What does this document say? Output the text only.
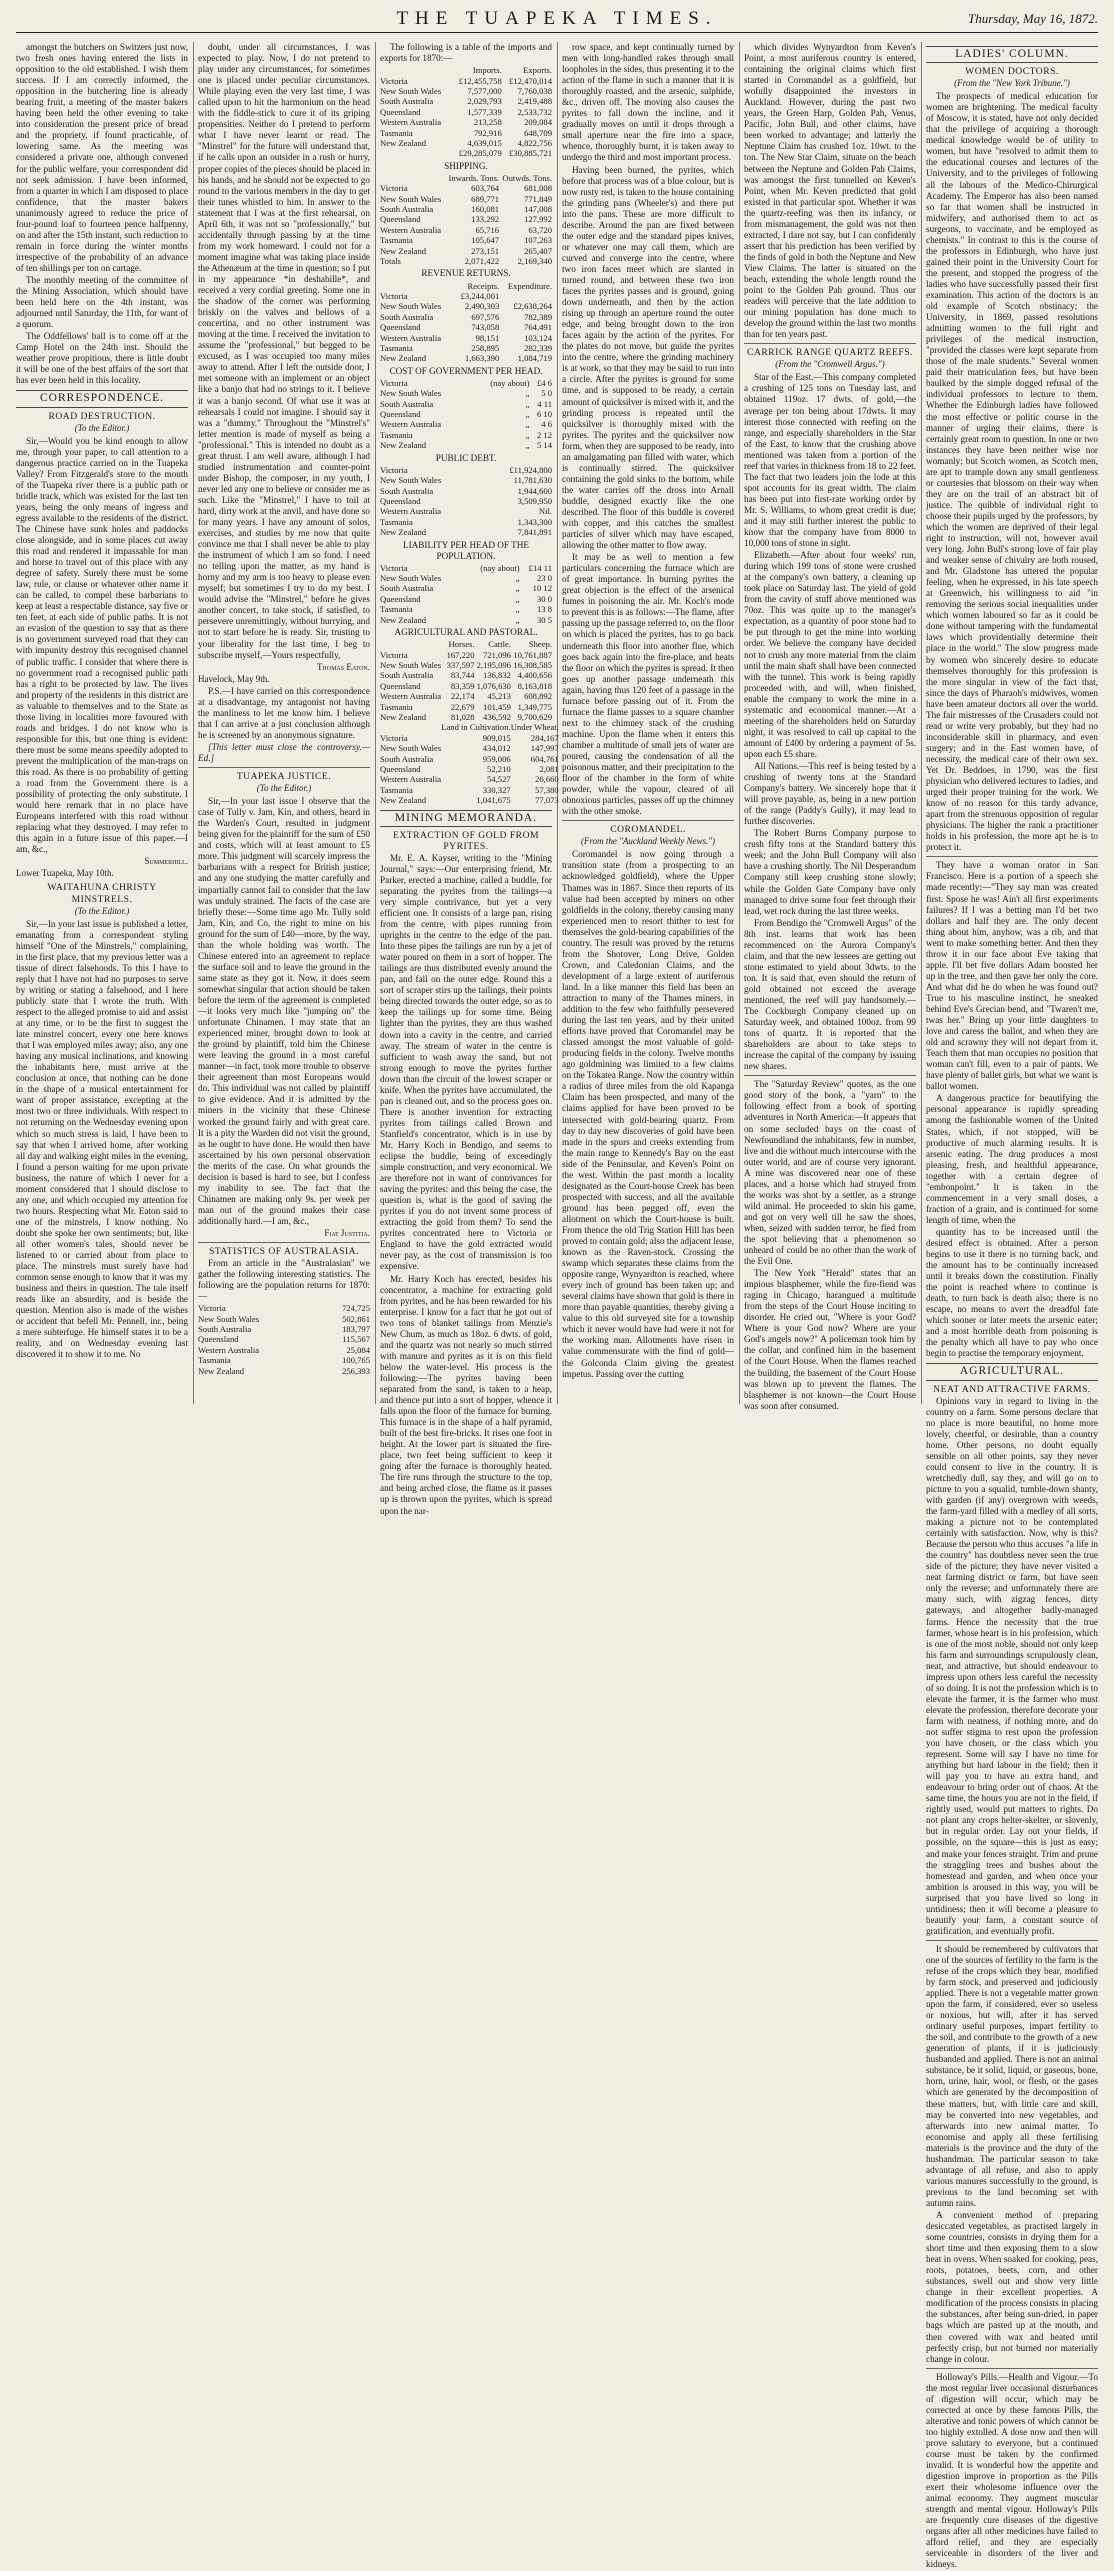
THE TUAPEKA TIMES.	Thursday, May 16, 1872.

amongst the butchers on Switzers just now, two fresh ones having entered the lists in opposition to the old established. I wish them success. If I am correctly informed, the opposition in the butchering line is already bearing fruit, a meeting of the master bakers having been held the other evening to take into consideration the present price of bread and the propriety, if found practicable, of lowering same. As the meeting was considered a private one, although convened for the public welfare, your correspondent did not seek admission. I have been informed, from a quarter in which I am disposed to place confidence, that the master bakers unanimously agreed to reduce the price of four-pound loaf to fourteen pence halfpenny, on and after the 15th instant, such reduction to remain in force during the winter months irrespective of the probability of an advance of ten shillings per ton on cartage.

The monthly meeting of the committee of the Mining Association, which should have been held here on the 4th instant, was adjourned until Saturday, the 11th, for want of a quorum.

The Oddfellows' ball is to come off at the Camp Hotel on the 24th inst. Should the weather prove propitious, there is little doubt it will be one of the best affairs of the sort that has ever been held in this locality.

CORRESPONDENCE.
ROAD DESTRUCTION.
(To the Editor.)

Sir,—Would you be kind enough to allow me, through your paper, to call attention to a dangerous practice carried on in the Tuapeka Valley? From Fitzgerald's store to the mouth of the Tuapeka river there is a public path or bridle track, which was existed for the last ten years, being the only means of ingress and egress available to the residents of the district. The Chinese have sunk holes and paddocks close alongside, and in some places cut away this road and rendered it impassable for man and horse to travel out of this place with any degree of safety. Surely there must be some law, rule, or clause or whatever other name it can be called, to compel these barbarians to keep at least a respectable distance, say five or ten feet, at each side of public paths. It is not an evasion of the question to say that as there is no government surveyed road that they can with impunity destroy this recognised channel of public traffic. I consider that where there is no government road a recognised public path has a right to be protected by law. The lives and property of the residents in this district are as valuable to themselves and to the State as those living in localities more favoured with roads and bridges. I do not know who is responsible for this, but one thing is evident: there must be some means speedily adopted to prevent the multiplication of the man-traps on this road. As there is no probability of getting a road from the Government there is a possibility of protecting the only substitute. I would here remark that in no place have Europeans interfered with this road without replacing what they destroyed. I may refer to this again in a future issue of this paper.—I am, &c.,

Summerhill.
Lower Tuapeka, May 10th.
WAITAHUNA CHRISTY MINSTRELS.
(To the Editor.)

Sir,—In your last issue is published a letter, emanating from a correspondent styling himself "One of the Minstrels," complaining, in the first place, that my previous letter was a tissue of direct falsehoods. To this I have to reply that I have not had no purposes to serve by writing or stating a falsehood, and I here publicly state that I wrote the truth. With respect to the alleged promise to aid and assist at any time, or to be the first to suggest the late minstrel concert, every one here knows that I was employed miles away; also, any one having any musical inclinations, and knowing the inhabitants here, must arrive at the conclusion at once, that nothing can be done in the shape of a musical entertainment for want of proper assistance, excepting at the most two or three individuals. With respect to not returning on the Wednesday evening upon which so much stress is laid, I have been to say that when I arrived home, after working all day and walking eight miles in the evening, I found a person waiting for me upon private business, the nature of which I never for a moment considered that I should disclose to any one, and which occupied my attention for two hours. Respecting what Mr. Eaton said to one of the minstrels, I know nothing. No doubt she spoke her own sentiments; but, like all other women's tales, should never be listened to or carried about from place to place. The minstrels must surely have had common sense enough to know that it was my business and theirs in question. The tale itself reads like an absurdity, and is beside the question. Mention also is made of the wishes or accident that befell Mr. Pennell, inr., being a mere subterfuge. He himself states it to be a reality, and on Wednesday evening last discovered it to show it to me. No

doubt, under all circumstances, I was expected to play. Now, I do not pretend to play under any circumstances, for sometimes one is placed under peculiar circumstances. While playing even the very last time, I was called upon to hit the harmonium on the head with the fiddle-stick to cure it of its griping propensities. Neither do I pretend to perform what I have never learnt or read. The "Minstrel" for the future will understand that, if he calls upon an outsider in a rush or hurry, proper copies of the pieces should be placed in his hands, and he should not be expected to go round to the various members in the day to get their tunes whistled to him. In answer to the statement that I was at the first rehearsal, on April 6th, it was not so "professionally," but accidentally through passing by at the time from my work homeward. I could not for a moment imagine what was taking place inside the Athenæum at the time in question; so I put in my appearance *in deshabille*, and received a very cordial greeting. Some one in the shadow of the corner was performing briskly on the valves and bellows of a concertina, and no other instrument was moving at the time. I received the invitation to assume the "professional," but begged to be excused, as I was occupied too many miles away to attend. After I left the outside door, I met someone with an implement or an object like a banjo that had no strings to it. I believe it was a banjo second. Of what use it was at rehearsals I could not imagine. I should say it was a "dummy." Throughout the "Minstrel's" letter mention is made of myself as being a "professional." This is intended no doubt as a great thrust. I am well aware, although I had studied instrumentation and counter-point under Bishop, the composer, in my youth, I never led any one to believe or consider me as such. Like the "Minstrel," I have to toil at hard, dirty work at the anvil, and have done so for many years. I have any amount of solos, exercises, and studies by me now that quite convince me that I shall never be able to play the instrument of which I am so fond. I need no telling upon the matter, as my hand is horny and my arm is too heavy to please even myself; but sometimes I try to do my best. I would advise the "Minstrel," before he gives another concert, to take stock, if satisfied, to persevere unremittingly, without hurrying, and not to start before he is ready. Sir, trusting to your liberality for the last time, I beg to subscribe myself,—Yours respectfully,

Thomas Eaton.
Havelock, May 9th.

P.S.—I have carried on this correspondence at a disadvantage, my antagonist not having the manliness to let me know him. I believe that I can arrive at a just conclusion although he is screened by an anonymous signature.

[This letter must close the controversy.—Ed.]

TUAPEKA JUSTICE.
(To the Editor.)

Sir,—In your last issue I observe that the case of Tully v. Jam, Kin, and others, heard in the Warden's Court, resulted in judgment being given for the plaintiff for the sum of £50 and costs, which will at least amount to £5 more. This judgment will scarcely impress the barbarians with a respect for British justice; and any one studying the matter carefully and impartially cannot fail to consider that the law was unduly strained. The facts of the case are briefly these:—Some time ago Mr. Tully sold Jam, Kin, and Co, the right to mine on his ground for the sum of £40—more, by the way, than the whole holding was worth. The Chinese entered into an agreement to replace the surface soil and to leave the ground in the same state as they got it. Now, it does seem somewhat singular that action should be taken before the term of the agreement is completed—it looks very much like "jumping on" the unfortunate Chinamen. I may state that an experienced miner, brought down to look at the ground by plaintiff, told him the Chinese were leaving the ground in a most careful manner—in fact, took more trouble to observe their agreement than most Europeans would do. This individual was not called by plaintiff to give evidence. And it is admitted by the miners in the vicinity that these Chinese worked the ground fairly and with great care. It is a pity the Warden did not visit the ground, as he ought to have done. He would then have ascertained by his own personal observation the merits of the case. On what grounds the decision is based is hard to see, but I confess my inability to see. The fact that the Chinamen are making only 9s. per week per man out of the ground makes their case additionally hard.—I am, &c.,

Fiat Justitia.
STATISTICS OF AUSTRALASIA.

From an article in the "Australasian" we gather the following interesting statistics. The following are the population returns for 1870:—

Victoria	724,725
New South Wales	502,861
South Australia	183,797
Queensland	115,567
Western Australia	25,084
Tasmania	100,765
New Zealand	256,393

The following is a table of the imports and exports for 1870:—

	Imports.	Exports.
Victoria	£12,455,758	£12,470,014
New South Wales	7,577,000	7,760,038
South Australia	2,029,793	2,419,488
Queensland	1,577,339	2,533,732
Western Australia	213,258	209,084
Tasmania	792,916	648,709
New Zealand	4,639,015	4,822,756
	£29,285,079	£30,885,721
SHIPPING.
	Inwards. Tons.	Outwds. Tons.
Victoria	603,764	681,008
New South Wales	689,771	771,849
South Australia	160,081	147,008
Queensland	133,292	127,992
Western Australia	65,716	63,720
Tasmania	105,647	107,263
New Zealand	273,151	265,407
Totals	2,071,422	2,169,340
REVENUE RETURNS.
	Receipts.	Expenditure.
Victoria	£3,244,001	
New South Wales	2,490,303	£2,638,264
South Australia	697,576	782,389
Queensland	743,058	764,491
Western Australia	98,151	103,124
Tasmania	258,895	282,339
New Zealand	1,663,390	1,084,719
COST OF GOVERNMENT PER HEAD.
Victoria	(nay about)	£4 6
New South Wales	„	5 0
South Australia	„	4 11
Queensland	„	6 10
Western Australia	„	4 6
Tasmania	„	2 12
New Zealand	„	5 14
PUBLIC DEBT.
Victoria	£11,924,800
New South Wales	11,781,630
South Australia	1,944,600
Queensland	3,509,950
Western Australia	Nil.
Tasmania	1,343,300
New Zealand	7,841,891
LIABILITY PER HEAD OF THE POPULATION.
Victoria	(nay about)	£14 11
New South Wales	„	23 0
South Australia	„	10 12
Queensland	„	30 0
Tasmania	„	13 8
New Zealand	„	30 5
AGRICULTURAL AND PASTORAL.
	Horses.	Cattle.	Sheep.
Victoria	167,220	721,096	10,761,887
New South Wales	337,597	2,195,096	16,308,585
South Australia	83,744	136,832	4,400,656
Queensland	83,359	1,076,630	8,163,818
Western Australia	22,174	45,213	608,892
Tasmania	22,679	101,459	1,349,775
New Zealand	81,028	436,592	9,700,629
	Land in Cultivation.	Under Wheat.
Victoria	909,015	284,167
New South Wales	434,012	147,997
South Australia	959,006	604,761
Queensland	52,210	2,081
Western Australia	54,527	26,660
Tasmania	330,327	57,380
New Zealand	1,041,675	77,073
MINING MEMORANDA.
EXTRACTION OF GOLD FROM PYRITES.

Mr. E. A. Kayser, writing to the "Mining Journal," says:—Our enterprising friend, Mr. Parker, erected a machine, called a buddle, for separating the pyrites from the tailings—a very simple contrivance, but yet a very efficient one. It consists of a large pan, rising from the centre, with pipes running from uprights in the centre to the edge of the pan. Into these pipes the tailings are run by a jet of water poured on them in a sort of hopper. The tailings are thus distributed evenly around the pan, and fall on the outer edge. Round this a sort of scraper stirs up the tailings, their points being directed towards the outer edge, so as to keep the tailings up for some time. Being lighter than the pyrites, they are thus washed down into a cavity in the centre, and carried away. The stream of water in the centre is sufficient to wash away the sand, but not strong enough to move the pyrites further down than the circuit of the lowest scraper or knife. When the pyrites have accumulated, the pan is cleaned out, and so the process goes on. There is another invention for extracting pyrites from tailings called Brown and Stanfield's concentrator, which is in use by Mr. Harry Koch in Bendigo, and seems to eclipse the buddle, being of exceedingly simple construction, and very economical. We are therefore not in want of contrivances for saving the pyrites: and this being the case, the question is, what is the good of saving the pyrites if you do not invent some process of extracting the gold from them? To send the pyrites concentrated here to Victoria or England to have the gold extracted would never pay, as the cost of transmission is too expensive.

Mr. Harry Koch has erected, besides his concentrator, a machine for extracting gold from pyrites, and he has been rewarded for his enterprise. I know for a fact that he got out of two tons of blanket tailings from Menzie's New Chum, as much as 18oz. 6 dwts. of gold, and the quartz was not nearly so much stirred with manure and pyrites as it is on this field below the water-level. His process is the following:—The pyrites having been separated from the sand, is taken to a heap, and thence put into a sort of hopper, whence it falls upon the floor of the furnace for burning. This furnace is in the shape of a half pyramid, built of the best fire-bricks. It rises one foot in height. At the lower part is situated the fire-place, two feet being sufficient to keep it going after the furnace is thoroughly heated. The fire runs through the structure to the top, and being arched close, the flame as it passes up is thrown upon the pyrites, which is spread upon the nar-

row space, and kept continually turned by men with long-handled rakes through small loopholes in the sides, thus presenting it to the action of the flame in such a manner that it is thoroughly roasted, and the arsenic, sulphide, &c., driven off. The moving also causes the pyrites to fall down the incline, and it gradually moves on until it drops through a small aperture near the fire into a space, whence, thoroughly burnt, it is taken away to undergo the third and most important process.

Having been burned, the pyrites, which before that process was of a blue colour, but is now rusty red, is taken to the house containing the grinding pans (Wheeler's) and there put into the pans. These are more difficult to describe. Around the pan are fixed between the outer edge and the standard pipes knives, or whatever one may call them, which are curved and converge into the centre, where two iron faces meet which are slanted in turned round, and between these two iron faces the pyrites passes and is ground, going down underneath, and then by the action rising up through an aperture round the outer edge, and being brought down to the iron faces again by the action of the pyrites. For the plates do not move, but guide the pyrites into the centre, where the grinding machinery is at work, so that they may be said to run into a circle. After the pyrites is ground for some time, and is supposed to be ready, a certain amount of quicksilver is mixed with it, and the grinding process is repeated until the quicksilver is thoroughly mixed with the pyrites. The pyrites and the quicksilver now form, when they are supposed to be ready, into an amalgamating pan filled with water, which is continually stirred. The quicksilver containing the gold sinks to the bottom, while the water carries off the dross into Arnall buddle, designed exactly like the one described. The floor of this buddle is covered with copper, and this catches the smallest particles of silver which may have escaped, allowing the other matter to flow away.

It may be as well to mention a few particulars concerning the furnace which are of great importance. In burning pyrites the great objection is the effect of the arsenical fumes in poisoning the air. Mr. Koch's mode to prevent this is as follows:—The flame, after passing up the passage referred to, on the floor on which is placed the pyrites, has to go back underneath this floor into another flue, which goes back again into the fire-place, and heats the floor on which the pyrites is spread. It then goes up another passage underneath this again, having thus 120 feet of a passage in the furnace before passing out of it. From the furnace the flame passes to a square chamber next to the chimney stack of the crushing machine. Upon the flame when it enters this chamber a multitude of small jets of water are poured, causing the condensation of all the poisonous matter, and their precipitation to the floor of the chamber in the form of white powder, while the vapour, cleared of all obnoxious particles, passes off up the chimney with the other smoke.

COROMANDEL.
(From the "Auckland Weekly News.")

Coromandel is now going through a transition state (from a prospecting to an acknowledged goldfield), where the Upper Thames was in 1867. Since then reports of its value had been accepted by miners on other goldfields in the colony, thereby causing many experienced men to resort thither to test for themselves the gold-bearing capabilities of the country. The result was proved by the returns from the Shotover, Long Drive, Golden Crown, and Caledonian Claims, and the development of a large extent of auriferous land. In a like manner this field has been an attraction to many of the Thames miners, in addition to the few who faithfully persevered during the last ten years, and by their united efforts have proved that Coromandel may be classed amongst the most valuable of gold-producing fields in the colony. Twelve months ago goldmining was limited to a few claims on the Tokatea Range. Now the country within a radius of three miles from the old Kapanga Claim has been prospected, and many of the claims applied for have been proved to be intersected with gold-bearing quartz. From day to day new discoveries of gold have been made in the spurs and creeks extending from the main range to Kennedy's Bay on the east side of the Peninsular, and Keven's Point on the west. Within the past month a locality designated as the Court-house Creek has been prospected with success, and all the available ground has been pegged off, even the allotment on which the Court-house is built. From thence the old Trig Station Hill has been proved to contain gold; also the adjacent lease, known as the Raven-stock. Crossing the swamp which separates these claims from the opposite range, Wynyardton is reached, where every inch of ground has been taken up; and several claims have shown that gold is there in more than payable quantities, thereby giving a value to this old surveyed site for a township which it never would have had were it not for the working man. Allotments have risen in value commensurate with the find of gold—the Golconda Claim giving the greatest impetus. Passing over the cutting

which divides Wynyardton from Keven's Point, a most auriferous country is entered, containing the original claims which first started in Coromandel as a goldfield, but wofully disappointed the investors in Auckland. However, during the past two years, the Green Harp, Golden Pah, Venus, Pacific, John Bull, and other claims, have been worked to advantage; and latterly the Neptune Claim has crushed 1oz. 10wt. to the ton. The New Star Claim, situate on the beach between the Neptune and Golden Pah Claims, was amongst the first tunnelled on Keven's Point, when Mr. Keven predicted that gold existed in that particular spot. Whether it was the quartz-reefing was then its infancy, or from mismanagement, the gold was not then extracted, I dare not say, but I can confidently assert that his prediction has been verified by the finds of gold in both the Neptune and New View Claims. The latter is situated on the beach, extending the whole length round the point to the Golden Pah ground. Thus our readers will perceive that the late addition to our mining population has done much to develop the ground within the last two months than for ten years past.

CARRICK RANGE QUARTZ REEFS.
(From the "Cromwell Argus.")

Star of the East.—This company completed a crushing of 125 tons on Tuesday last, and obtained 119oz. 17 dwts. of gold,—the average per ton being about 17dwts. It may interest those connected with reefing on the range, and especially shareholders in the Star of the East, to know that the crushing above mentioned was taken from a portion of the reef that varies in thickness from 18 to 22 feet. The fact that two leaders join the lode at this spot accounts for its great width. The claim has been put into first-rate working order by Mr. S. Williams, to whom great credit is due; and it may still further interest the public to know that the company have from 8000 to 10,000 tons of stone in sight.

Elizabeth.—After about four weeks' run, during which 199 tons of stone were crushed at the company's own battery, a cleaning up took place on Saturday last. The yield of gold from the cavity of stuff above mentioned was 70oz. This was quite up to the manager's expectation, as a quantity of poor stone had to be put through to get the mine into working order. We believe the company have decided not to crush any more material from the claim until the main shaft shall have been connected with the tunnel. This work is being rapidly proceeded with, and will, when finished, enable the company to work the mine in a systematic and economical manner.—At a meeting of the shareholders held on Saturday night, it was resolved to call up capital to the amount of £400 by ordering a payment of 5s. upon each £5 share.

All Nations.—This reef is being tested by a crushing of twenty tons at the Standard Company's battery. We sincerely hope that it will prove payable, as, being in a new portion of the range (Paddy's Gully), it may lead to further discoveries.

The Robert Burns Company purpose to crush fifty tons at the Standard battery this week; and the John Bull Company will also have a crushing shortly. The Nil Desperandum Company still keep crushing stone slowly; while the Golden Gate Company have only managed to drive some four feet through their lead, wet rock during the last three weeks.

From Bendigo the "Cromwell Argus" of the 8th inst. learns that work has been recommenced on the Aurora Company's claim, and that the new lessees are getting out stone estimated to yield about 3dwts. to the ton. It is said that, even should the return of gold obtained not exceed the average mentioned, the reef will pay handsomely.—The Cockburgh Company cleaned up on Saturday week, and obtained 100oz. from 99 tons of quartz. It is reported that the shareholders are about to take steps to increase the capital of the company by issuing new shares.

The "Saturday Review" quotes, as the one good story of the book, a "yarn" to the following effect from a book of sporting adventures in North America:—It appears that on some secluded bays on the coast of Newfoundland the inhabitants, few in number, live and die without much intercourse with the outer world, and are of course very ignorant. A mine was discovered near one of these places, and a horse which had strayed from the works was shot by a settler, as a strange wild animal. He proceeded to skin his game, and got on very well till he saw the shoes, when, seized with sudden terror, he fled from the spot believing that a phenomenon so unheard of could be no other than the work of the Evil One.

The New York "Herald" states that an impious blasphemer, while the fire-fiend was raging in Chicago, harangued a multitude from the steps of the Court House inciting to disorder. He cried out, "Where is your God? Where is your God now? Where are your God's angels now?" A policeman took him by the collar, and confined him in the basement of the Court House. When the flames reached the building, the basement of the Court House was blown up to prevent the flames. The blasphemer is not known—the Court House was soon after consumed.

LADIES' COLUMN.
WOMEN DOCTORS.
(From the "New York Tribune.")

The prospects of medical education for women are brightening. The medical faculty of Moscow, it is stated, have not only decided that the privilege of acquiring a thorough medical knowledge would be of utility to women, but have "resolved to admit them to the educational courses and lectures of the University, and to the privileges of following all the labours of the Medico-Chirurgical Academy. The Emperor has also been named so far that women shall be instructed in midwifery, and authorised them to act as surgeons, to vaccinate, and be employed as chemists." In contrast to this is the course of the professors in Edinburgh, who have just gained their point in the University Court for the present, and stopped the progress of the ladies who have successfully passed their first examination. This action of the doctors is an old example of Scotch obstinacy; the University, in 1869, passed resolutions admitting women to the full right and privileges of the medical instruction, "provided the classes were kept separate from those of the male students." Several women paid their matriculation fees, but have been baulked by the simple dogged refusal of the individual professors to lecture to them. Whether the Edinburgh ladies have followed the most effective or politic course in the manner of urging their claims, there is certainly great room to question. In one or two instances they have been neither wise nor womanly; but Scotch women, as Scotch men, are apt to trample down any small gentleness or courtesies that blossom on their way when they are on the trail of an abstract bit of justice. The quibble of individual right to choose their pupils urged by the professors, by which the women are deprived of their legal right to instruction, will not, however avail very long. John Bull's strong love of fair play and weaker sense of chivalry are both roused, and Mr. Gladstone has uttered the popular feeling, when he expressed, in his late speech at Greenwich, his willingness to aid "in removing the serious social inequalities under which women laboured so far as it could be done without tampering with the fundamental laws which providentially determine their place in the world." The slow progress made by women who sincerely desire to educate themselves thoroughly for this profession is the more singular in view of the fact that, since the days of Pharaoh's midwives, women have been amateur doctors all over the world. The fair mistresses of the Crusaders could not read or write very probably, but they had no inconsiderable skill in pharmacy, and even surgery; and in the East women have, of necessity, the medical care of their own sex. Yet Dr. Beddoes, in 1790, was the first physician who delivered lectures to ladies, and urged their proper training for the work. We know of no reason for this tardy advance, apart from the strenuous opposition of regular physicians. The higher the rank a practitioner holds in his profession, the more apt he is to protect it.

They have a woman orator in San Francisco. Here is a portion of a speech she made recently:—"They say man was created first. Spose he was! Ain't all first experiments failures? If I was a betting man I'd bet two dollars and half they are. The only decent thing about him, anyhow, was a rib, and that went to make something better. And then they throw it in our face about Eve taking that apple. I'll bet five dollars Adam boosted her up in the tree, and then gave her only the core. And what did he do when he was found out? True to his masculine instinct, he sneaked behind Eve's Grecian bend, and "Twaren't me, twas her." Bring up your little daughters to love and caress the ballot, and when they are old and scrawny they will not depart from it. Teach them that man occupies no position that woman can't fill, even to a pair of pants. We have plenty of ballet girls, but what we want is ballot women.

A dangerous practice for beautifying the personal appearance is rapidly spreading among the fashionable women of the United States, which, if not stopped, will be productive of much alarming results. It is arsenic eating. The drug produces a most pleasing, fresh, and healthful appearance, together with a certain degree of "embonpoint." It is taken in the commencement in a very small doses, a fraction of a grain, and is continued for some length of time, when the

quantity has to be increased until the desired effect is obtained. After a person begins to use it there is no turning back, and the amount has to be continually increased until it breaks down the constitution. Finally the point is reached where to continue is death, to turn back is death also; there is no escape, no means to avert the dreadful fate which sooner or later meets the arsenic eater; and a most horrible death from poisoning is the penalty which all have to pay who once begin to practise the temporary enjoyment.

AGRICULTURAL.
NEAT AND ATTRACTIVE FARMS.

Opinions vary in regard to living in the country on a farm. Some persons declare that no place is more beautiful, no home more lovely, cheerful, or desirable, than a country home. Other persons, no doubt equally sensible on all other points, say they never could consent to live in the country. It is wretchedly dull, say they, and will go on to picture to you a squalid, tumble-down shanty, with garden (if any) overgrown with weeds, the farm-yard filled with a medley of all sorts, making a picture not to be contemplated certainly with satisfaction. Now, why is this? Because the person who thus accuses "a life in the country" has doubtless never seen the true side of the picture; they have never visited a neat farming district or farm, but have seen only the reverse; and unfortunately there are many such, with zigzag fences, dirty gateways, and altogether badly-managed farms. Hence the necessity that the true farmer, whose heart is in his profession, which is one of the most noble, should not only keep his farm and surroundings scrupulously clean, neat, and attractive, but should endeavour to impress upon others less careful the necessity of so doing. It is not the profession which is to elevate the farmer, it is the farmer who must elevate the profession, therefore decorate your farm with neatness, if nothing more, and do not suffer stigma to rest upon the profession you have chosen, or the class which you represent. Some will say I have no time for anything but hard labour in the field; then it will pay you to have an extra hand, and endeavour to bring order out of chaos. At the same time, the hours you are not in the field, if rightly used, would put matters to rights. Do not plant any crops helter-skelter, or slovenly, but in regular order. Lay out your fields, if possible, on the square—this is just as easy; and make your fences straight. Trim and prune the straggling trees and bushes about the homestead and garden, and when once your ambition is aroused in this way, you will be surprised that you have lived so long in untidiness; then it will become a pleasure to beautify your farm, a constant source of gratification, and eventually profit.

It should be remembered by cultivators that one of the sources of fertility to the farm is the refuse of the crops which they bear, modified by farm stock, and preserved and judiciously applied. There is not a vegetable matter grown upon the farm, if considered, ever so useless or noxious, but will, after it has served ordinary useful purposes, impart fertility to the soil, and contribute to the growth of a new generation of plants, if it is judiciously husbanded and applied. There is not an animal substance, be it solid, liquid, or gaseous, bone, horn, urine, hair, wool, or flesh, or the gases which are generated by the decomposition of these matters, but, with little care and skill, may be converted into new vegetables, and afterwards into new animal matter. To economise and apply all these fertilising materials is the province and the duty of the husbandman. The particular season to take advantage of all refuse, and also to apply various manures successfully to the ground, is previous to the land becoming set with autumn rains.

A convenient method of preparing desiccated vegetables, as practised largely in some countries, consists in drying them for a short time and then exposing them to a slow heat in ovens. When soaked for cooking, peas, roots, potatoes, beets, corn, and other substances, swell out and show very little change in their excellent properties. A modification of the process consists in placing the substances, after being sun-dried, in paper bags which are pasted up at the mouth, and then covered with wax and heated until perfectly crisp, but not burned nor materially change in colour.

Holloway's Pills.—Health and Vigour.—To the most regular liver occasional disturbances of digestion will occur, which may be corrected at once by these famous Pills, the alterative and tonic powers of which cannot be too highly extolled. A dose now and then will prove salutary to everyone, but a continued course must be taken by the confirmed invalid. It is wonderful how the appetite and digestion improve in proportion as the Pills exert their wholesome influence over the animal economy. They augment muscular strength and mental vigour. Holloway's Pills are frequently cure diseases of the digestive organs after all other medicines have failed to afford relief, and they are especially serviceable in disorders of the liver and kidneys.
